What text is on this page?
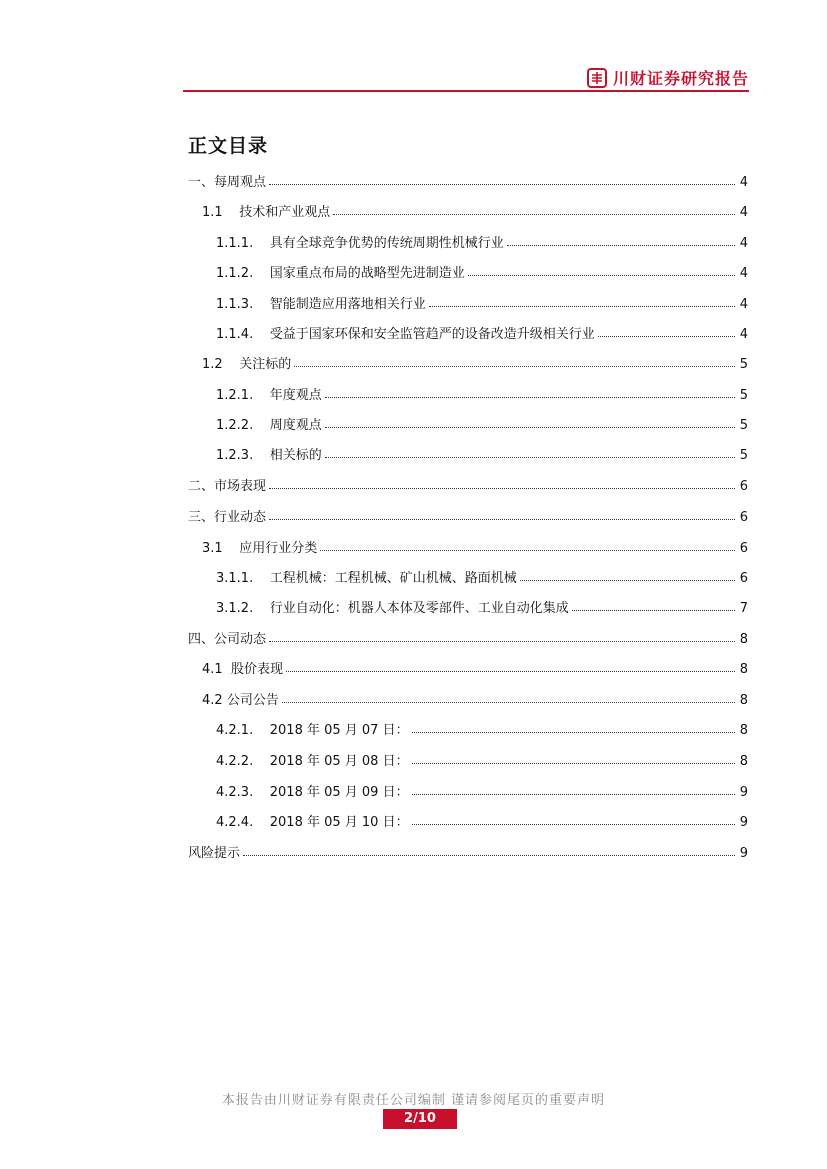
川财证券研究报告
正文目录
一、 每周观点	4
1.1 技术和产业观点	4
1.1.1. 具有全球竞争优势的传统周期性机械行业	4
1.1.2. 国家重点布局的战略型先进制造业	4
1.1.3. 智能制造应用落地相关行业	4
1.1.4. 受益于国家环保和安全监管趋严的设备改造升级相关行业	4
1.2 关注标的	5
1.2.1. 年度观点	5
1.2.2. 周度观点	5
1.2.3. 相关标的	5
二、 市场表现	6
三、 行业动态	6
3.1 应用行业分类	6
3.1.1. 工程机械：工程机械、矿山机械、路面机械	6
3.1.2. 行业自动化：机器人本体及零部件、工业自动化集成	7
四、 公司动态	8
4.1 股价表现	8
4.2 公司公告	8
4.2.1. 2018 年 05 月 07 日：	8
4.2.2. 2018 年 05 月 08 日：	8
4.2.3. 2018 年 05 月 09 日：	9
4.2.4. 2018 年 05 月 10 日：	9
风险提示	9
本报告由川财证券有限责任公司编制 谨请参阅尾页的重要声明
2/10
